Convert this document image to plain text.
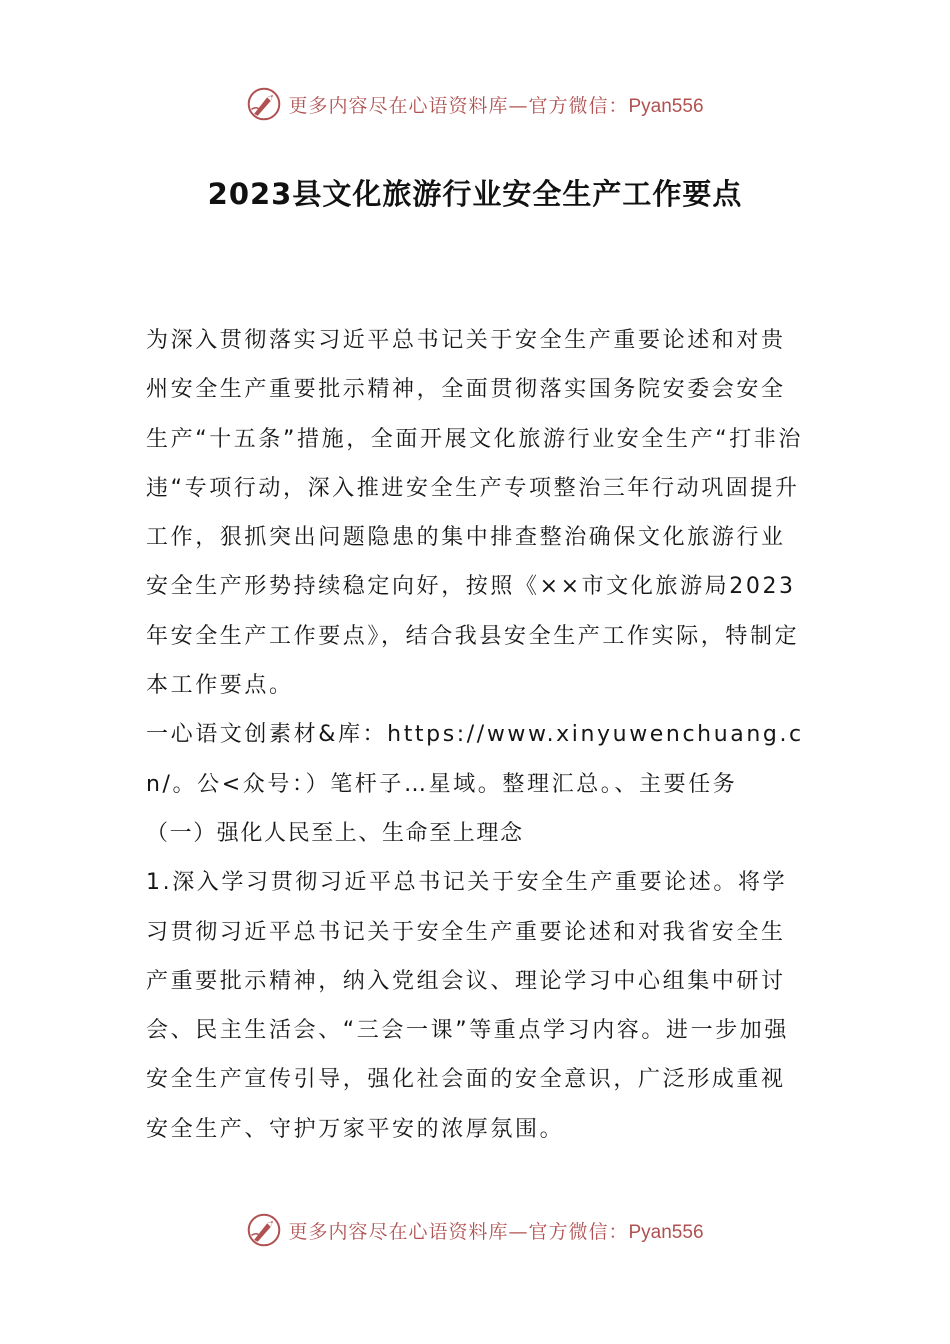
更多内容尽在心语资料库—官方微信：Pyan556
2023县文化旅游行业安全生产工作要点

为深入贯彻落实习近平总书记关于安全生产重要论述和对贵州安全生产重要批示精神，全面贯彻落实国务院安委会安全生产“十五条”措施，全面开展文化旅游行业安全生产“打非治违“专项行动，深入推进安全生产专项整治三年行动巩固提升工作，狠抓突出问题隐患的集中排查整治确保文化旅游行业安全生产形势持续稳定向好，按照《××市文化旅游局2023年安全生产工作要点》，结合我县安全生产工作实际，特制定本工作要点。

一心语文创素材&库：https://www.xinyuwenchuang.cn/。公<众号：）笔杆子…星域。整理汇总。、主要任务

（一）强化人民至上、生命至上理念

1.深入学习贯彻习近平总书记关于安全生产重要论述。将学习贯彻习近平总书记关于安全生产重要论述和对我省安全生产重要批示精神，纳入党组会议、理论学习中心组集中研讨会、民主生活会、“三会一课”等重点学习内容。进一步加强安全生产宣传引导，强化社会面的安全意识，广泛形成重视安全生产、守护万家平安的浓厚氛围。

更多内容尽在心语资料库—官方微信：Pyan556
